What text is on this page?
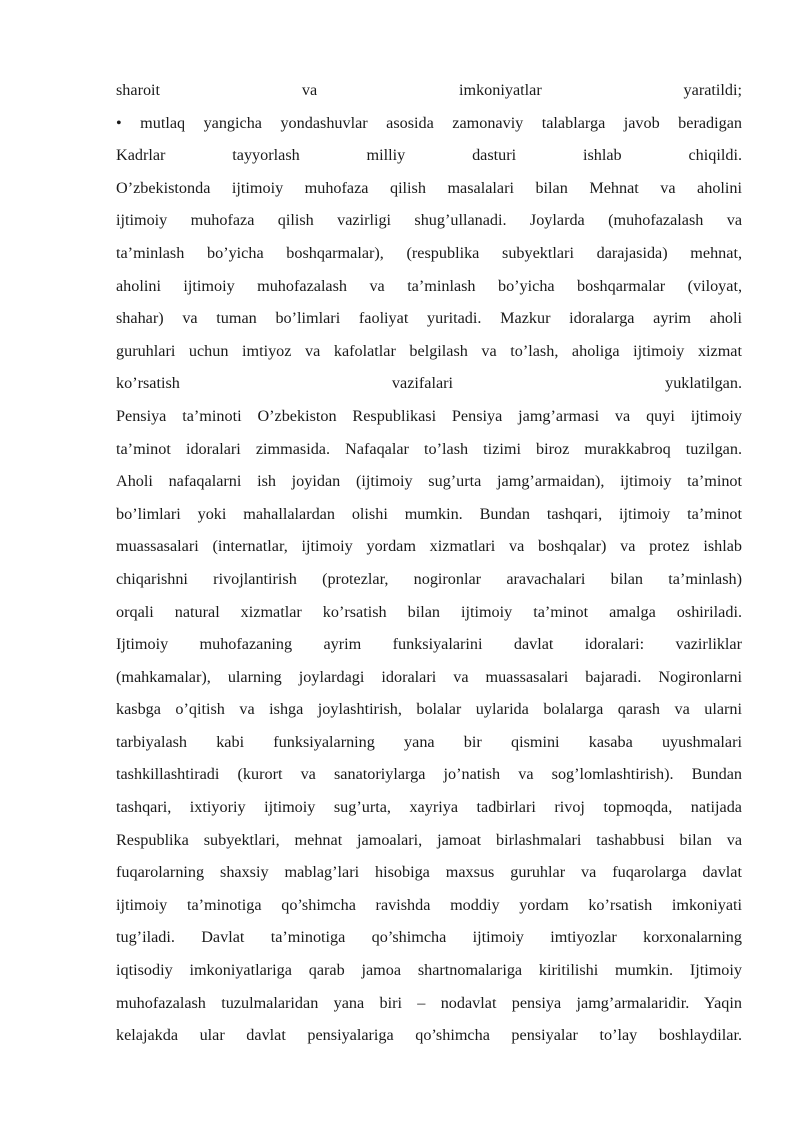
sharoit va imkoniyatlar yaratildi;
• mutlaq yangicha yondashuvlar asosida zamonaviy talablarga javob beradigan
Kadrlar tayyorlash milliy dasturi ishlab chiqildi.
O’zbekistonda ijtimoiy muhofaza qilish masalalari bilan Mehnat va aholini
ijtimoiy muhofaza qilish vazirligi shug’ullanadi. Joylarda (muhofazalash va
ta’minlash bo’yicha boshqarmalar), (respublika subyektlari darajasida) mehnat,
aholini ijtimoiy muhofazalash va ta’minlash bo’yicha boshqarmalar (viloyat,
shahar) va tuman bo’limlari faoliyat yuritadi. Mazkur idoralarga ayrim aholi
guruhlari uchun imtiyoz va kafolatlar belgilash va to’lash, aholiga ijtimoiy xizmat
ko’rsatish vazifalari yuklatilgan.
Pensiya ta’minoti O’zbekiston Respublikasi Pensiya jamg’armasi va quyi ijtimoiy
ta’minot idoralari zimmasida. Nafaqalar to’lash tizimi biroz murakkabroq tuzilgan.
Aholi nafaqalarni ish joyidan (ijtimoiy sug’urta jamg’armaidan), ijtimoiy ta’minot
bo’limlari yoki mahallalardan olishi mumkin. Bundan tashqari, ijtimoiy ta’minot
muassasalari (internatlar, ijtimoiy yordam xizmatlari va boshqalar) va protez ishlab
chiqarishni rivojlantirish (protezlar, nogironlar aravachalari bilan ta’minlash)
orqali natural xizmatlar ko’rsatish bilan ijtimoiy ta’minot amalga oshiriladi.
Ijtimoiy muhofazaning ayrim funksiyalarini davlat idoralari: vazirliklar
(mahkamalar), ularning joylardagi idoralari va muassasalari bajaradi. Nogironlarni
kasbga o’qitish va ishga joylashtirish, bolalar uylarida bolalarga qarash va ularni
tarbiyalash kabi funksiyalarning yana bir qismini kasaba uyushmalari
tashkillashtiradi (kurort va sanatoriylarga jo’natish va sog’lomlashtirish). Bundan
tashqari, ixtiyoriy ijtimoiy sug’urta, xayriya tadbirlari rivoj topmoqda, natijada
Respublika subyektlari, mehnat jamoalari, jamoat birlashmalari tashabbusi bilan va
fuqarolarning shaxsiy mablag’lari hisobiga maxsus guruhlar va fuqarolarga davlat
ijtimoiy ta’minotiga qo’shimcha ravishda moddiy yordam ko’rsatish imkoniyati
tug’iladi. Davlat ta’minotiga qo’shimcha ijtimoiy imtiyozlar korxonalarning
iqtisodiy imkoniyatlariga qarab jamoa shartnomalariga kiritilishi mumkin. Ijtimoiy
muhofazalash tuzulmalaridan yana biri – nodavlat pensiya jamg’armalaridir. Yaqin
kelajakda ular davlat pensiyalariga qo’shimcha pensiyalar to’lay boshlaydilar.
